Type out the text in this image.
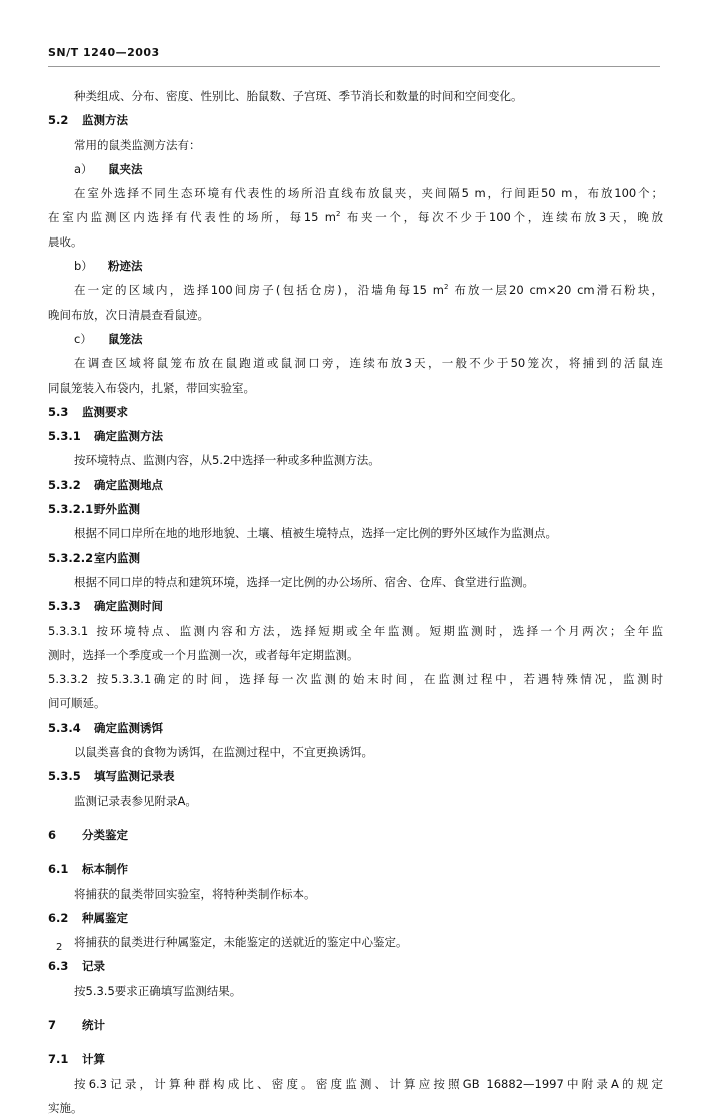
SN/T 1240—2003
种类组成、分布、密度、性别比、胎鼠数、子宫斑、季节消长和数量的时间和空间变化。
5.2 监测方法
常用的鼠类监测方法有：
a） 鼠夹法
在室外选择不同生态环境有代表性的场所沿直线布放鼠夹，夹间隔5 m，行间距50 m，布放100个；
在室内监测区内选择有代表性的场所，每15 $m^2$ 布夹一个，每次不少于100个，连续布放3天，晚放
晨收。
b） 粉迹法
在一定的区域内，选择100间房子(包括仓房)，沿墙角每15 $m^2$ 布放一层20 cm×20 cm滑石粉块，
晚间布放，次日清晨查看鼠迹。
c） 鼠笼法
在调查区域将鼠笼布放在鼠跑道或鼠洞口旁，连续布放3天，一般不少于50笼次，将捕到的活鼠连
同鼠笼装入布袋内，扎紧，带回实验室。
5.3 监测要求
5.3.1 确定监测方法
按环境特点、监测内容，从5.2中选择一种或多种监测方法。
5.3.2 确定监测地点
5.3.2.1野外监测
根据不同口岸所在地的地形地貌、土壤、植被生境特点，选择一定比例的野外区域作为监测点。
5.3.2.2室内监测
根据不同口岸的特点和建筑环境，选择一定比例的办公场所、宿舍、仓库、食堂进行监测。
5.3.3 确定监测时间
5.3.3.1 按环境特点、监测内容和方法，选择短期或全年监测。短期监测时，选择一个月两次；全年监
测时，选择一个季度或一个月监测一次，或者每年定期监测。
5.3.3.2 按5.3.3.1确定的时间，选择每一次监测的始末时间，在监测过程中，若遇特殊情况，监测时
间可顺延。
5.3.4 确定监测诱饵
以鼠类喜食的食物为诱饵，在监测过程中，不宜更换诱饵。
5.3.5 填写监测记录表
监测记录表参见附录A。
6 分类鉴定
6.1 标本制作
将捕获的鼠类带回实验室，将特种类制作标本。
6.2 种属鉴定
将捕获的鼠类进行种属鉴定，未能鉴定的送就近的鉴定中心鉴定。
6.3 记录
按5.3.5要求正确填写监测结果。
7 统计
7.1 计算
按6.3记录，计算种群构成比、密度。密度监测、计算应按照GB 16882—1997中附录A的规定
实施。
2
